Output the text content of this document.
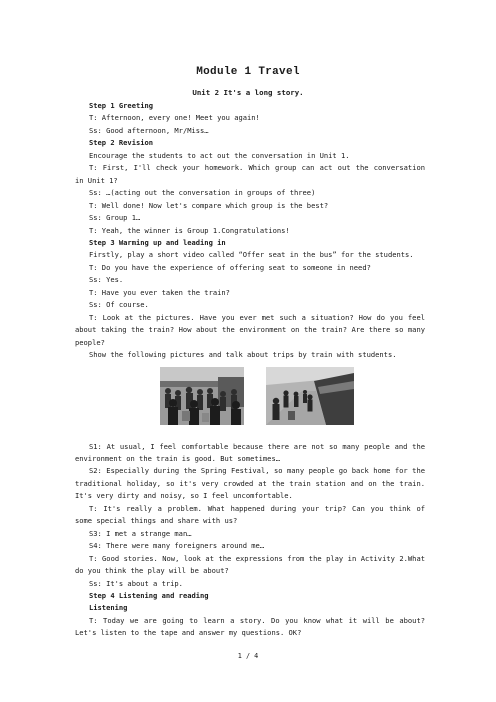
Module 1 Travel
Unit 2 It's a long story.

Step 1 Greeting

T: Afternoon, every one! Meet you again!

Ss: Good afternoon, Mr/Miss…

Step 2 Revision

Encourage the students to act out the conversation in Unit 1.

T: First, I'll check your homework. Which group can act out the conversation in Unit 1?

Ss: …(acting out the conversation in groups of three)

T: Well done! Now let's compare which group is the best?

Ss: Group 1…

T: Yeah, the winner is Group 1.Congratulations!

Step 3 Warming up and leading in

Firstly, play a short video called “Offer seat in the bus” for the students.

T: Do you have the experience of offering seat to someone in need?

Ss: Yes.

T: Have you ever taken the train?

Ss: Of course.

T: Look at the pictures. Have you ever met such a situation? How do you feel about taking the train? How about the environment on the train? Are there so many people?

Show the following pictures and talk about trips by train with students.

S1: At usual, I feel comfortable because there are not so many people and the environment on the train is good. But sometimes…

S2: Especially during the Spring Festival, so many people go back home for the traditional holiday, so it's very crowded at the train station and on the train. It's very dirty and noisy, so I feel uncomfortable.

T: It's really a problem. What happened during your trip? Can you think of some special things and share with us?

S3: I met a strange man…

S4: There were many foreigners around me…

T: Good stories. Now, look at the expressions from the play in Activity 2.What do you think the play will be about?

Ss: It's about a trip.

Step 4 Listening and reading

Listening

T: Today we are going to learn a story. Do you know what it will be about? Let's listen to the tape and answer my questions. OK?

1 / 4
